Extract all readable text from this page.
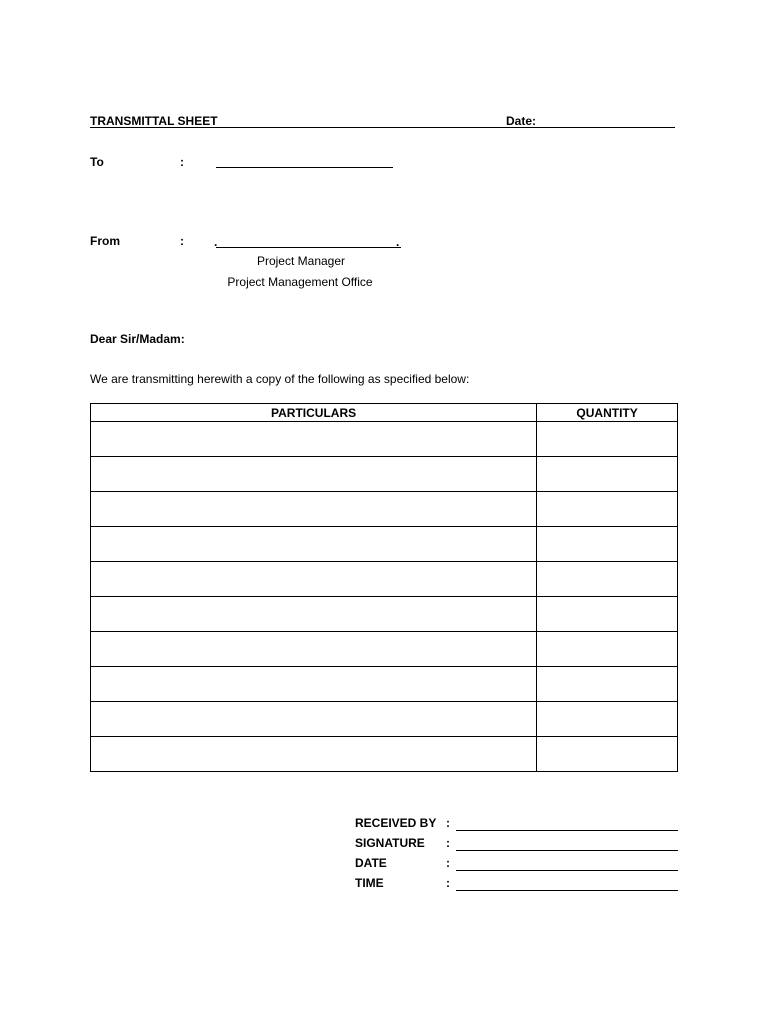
TRANSMITTAL SHEET	Date:
To	:
From	:	.	.
Project Manager
Project Management Office
Dear Sir/Madam:
We are transmitting herewith a copy of the following as specified below:
PARTICULARS	QUANTITY

RECEIVED BY :
SIGNATURE :
DATE	:
TIME	:
